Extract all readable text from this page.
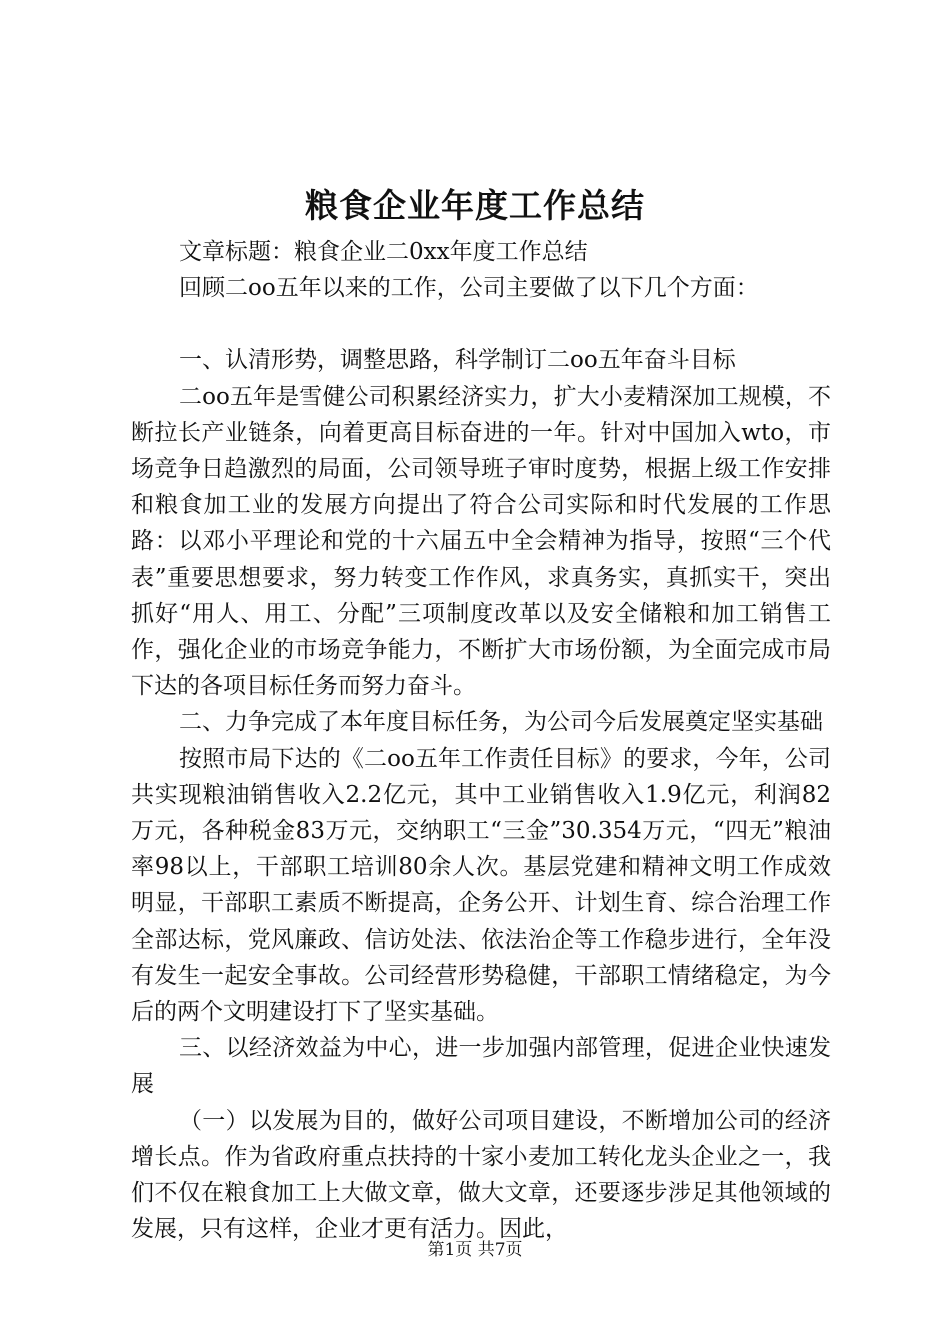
粮食企业年度工作总结

文章标题：粮食企业二0xx年度工作总结

回顾二oo五年以来的工作，公司主要做了以下几个方面：

一、认清形势，调整思路，科学制订二oo五年奋斗目标

二oo五年是雪健公司积累经济实力，扩大小麦精深加工规模，不断拉长产业链条，向着更高目标奋进的一年。针对中国加入wto，市场竞争日趋激烈的局面，公司领导班子审时度势，根据上级工作安排和粮食加工业的发展方向提出了符合公司实际和时代发展的工作思路：以邓小平理论和党的十六届五中全会精神为指导，按照“三个代表”重要思想要求，努力转变工作作风，求真务实，真抓实干，突出抓好“用人、用工、分配”三项制度改革以及安全储粮和加工销售工作，强化企业的市场竞争能力，不断扩大市场份额，为全面完成市局下达的各项目标任务而努力奋斗。

二、力争完成了本年度目标任务，为公司今后发展奠定坚实基础

按照市局下达的《二oo五年工作责任目标》的要求，今年，公司共实现粮油销售收入2.2亿元，其中工业销售收入1.9亿元，利润82万元，各种税金83万元，交纳职工“三金”30.354万元，“四无”粮油率98以上，干部职工培训80余人次。基层党建和精神文明工作成效明显，干部职工素质不断提高，企务公开、计划生育、综合治理工作全部达标，党风廉政、信访处法、依法治企等工作稳步进行，全年没有发生一起安全事故。公司经营形势稳健，干部职工情绪稳定，为今后的两个文明建设打下了坚实基础。

三、以经济效益为中心，进一步加强内部管理，促进企业快速发展

（一）以发展为目的，做好公司项目建设，不断增加公司的经济增长点。作为省政府重点扶持的十家小麦加工转化龙头企业之一，我们不仅在粮食加工上大做文章，做大文章，还要逐步涉足其他领域的发展，只有这样，企业才更有活力。因此，

第1页 共7页
